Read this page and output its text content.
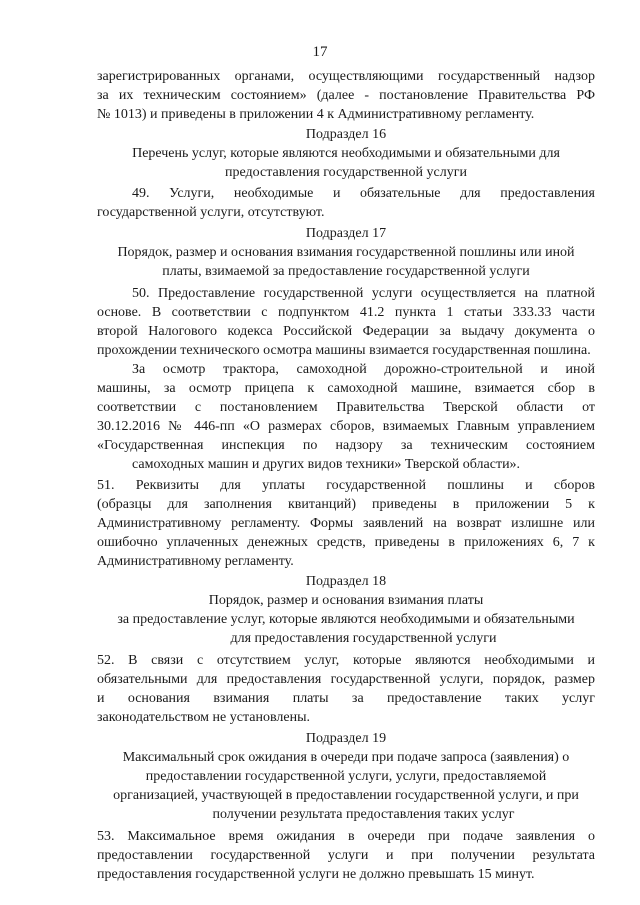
17
зарегистрированных органами, осуществляющими государственный надзор
за их техническим состоянием» (далее - постановление Правительства РФ
№ 1013) и приведены в приложении 4 к Административному регламенту.
Подраздел 16
Перечень услуг, которые являются необходимыми и обязательными для
предоставления государственной услуги
49. Услуги, необходимые и обязательные для предоставления
государственной услуги, отсутствуют.
Подраздел 17
Порядок, размер и основания взимания государственной пошлины или иной
платы, взимаемой за предоставление государственной услуги
50. Предоставление государственной услуги осуществляется на платной
основе. В соответствии с подпунктом 41.2 пункта 1 статьи 333.33 части
второй Налогового кодекса Российской Федерации за выдачу документа о
прохождении технического осмотра машины взимается государственная пошлина.
За осмотр трактора, самоходной дорожно-строительной и иной
машины, за осмотр прицепа к самоходной машине, взимается сбор в
соответствии с постановлением Правительства Тверской области от
30.12.2016 № 446-пп «О размерах сборов, взимаемых Главным управлением
«Государственная инспекция по надзору за техническим состоянием
самоходных машин и других видов техники» Тверской области».
51. Реквизиты для уплаты государственной пошлины и сборов
(образцы для заполнения квитанций) приведены в приложении 5 к
Административному регламенту. Формы заявлений на возврат излишне или
ошибочно уплаченных денежных средств, приведены в приложениях 6, 7 к
Административному регламенту.
Подраздел 18
Порядок, размер и основания взимания платы
за предоставление услуг, которые являются необходимыми и обязательными
для предоставления государственной услуги
52. В связи с отсутствием услуг, которые являются необходимыми и
обязательными для предоставления государственной услуги, порядок, размер
и основания взимания платы за предоставление таких услуг
законодательством не установлены.
Подраздел 19
Максимальный срок ожидания в очереди при подаче запроса (заявления) о
предоставлении государственной услуги, услуги, предоставляемой
организацией, участвующей в предоставлении государственной услуги, и при
получении результата предоставления таких услуг
53. Максимальное время ожидания в очереди при подаче заявления о
предоставлении государственной услуги и при получении результата
предоставления государственной услуги не должно превышать 15 минут.
